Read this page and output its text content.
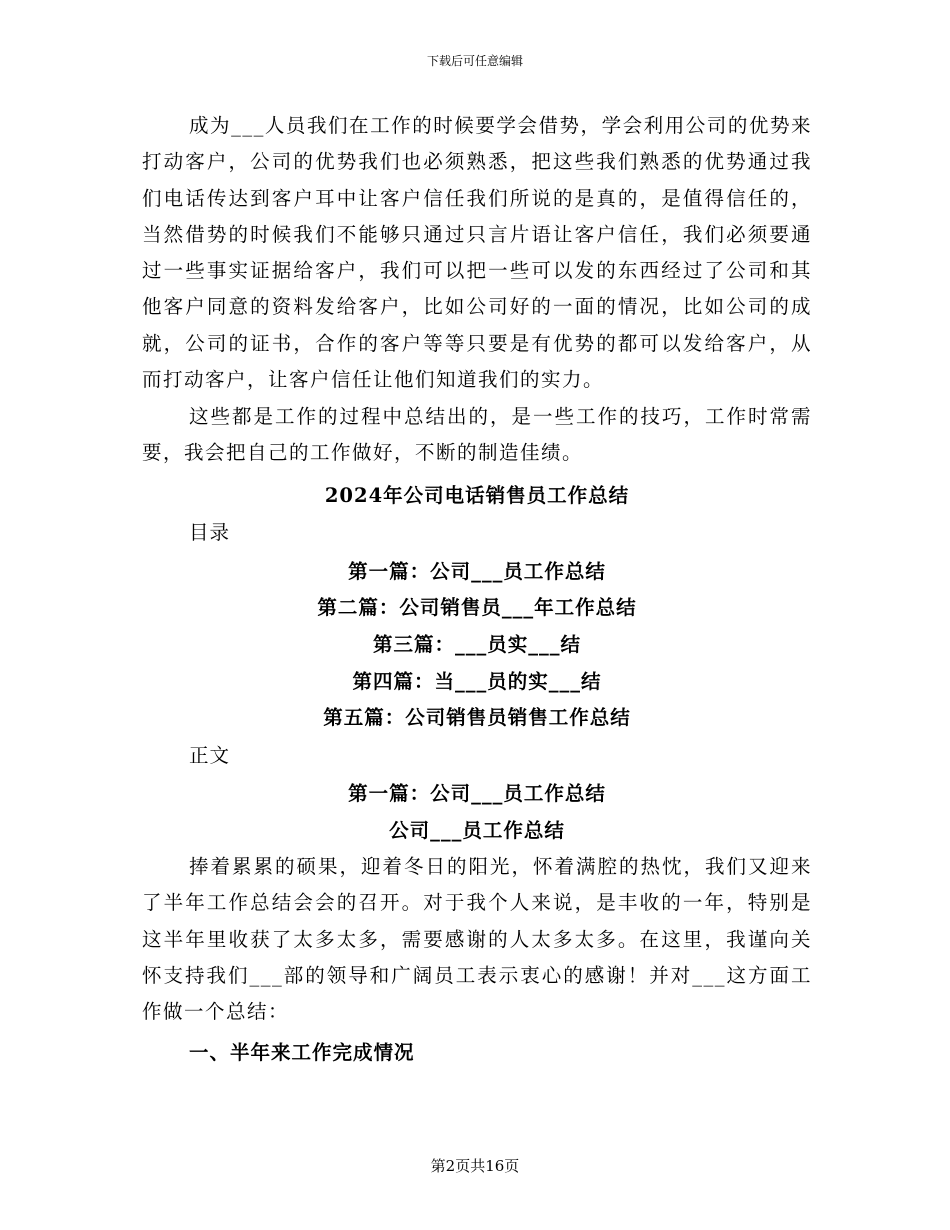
下载后可任意编辑
成为___人员我们在工作的时候要学会借势，学会利用公司的优势来打动客户，公司的优势我们也必须熟悉，把这些我们熟悉的优势通过我们电话传达到客户耳中让客户信任我们所说的是真的，是值得信任的，当然借势的时候我们不能够只通过只言片语让客户信任，我们必须要通过一些事实证据给客户，我们可以把一些可以发的东西经过了公司和其他客户同意的资料发给客户，比如公司好的一面的情况，比如公司的成就，公司的证书，合作的客户等等只要是有优势的都可以发给客户，从而打动客户，让客户信任让他们知道我们的实力。
这些都是工作的过程中总结出的，是一些工作的技巧，工作时常需要，我会把自己的工作做好，不断的制造佳绩。
2024年公司电话销售员工作总结
目录
第一篇：公司___员工作总结
第二篇：公司销售员___年工作总结
第三篇：___员实___结
第四篇：当___员的实___结
第五篇：公司销售员销售工作总结
正文
第一篇：公司___员工作总结
公司___员工作总结
捧着累累的硕果，迎着冬日的阳光，怀着满腔的热忱，我们又迎来了半年工作总结会会的召开。对于我个人来说，是丰收的一年，特别是这半年里收获了太多太多，需要感谢的人太多太多。在这里，我谨向关怀支持我们___部的领导和广阔员工表示衷心的感谢！并对___这方面工作做一个总结：
一、半年来工作完成情况
第2页共16页
